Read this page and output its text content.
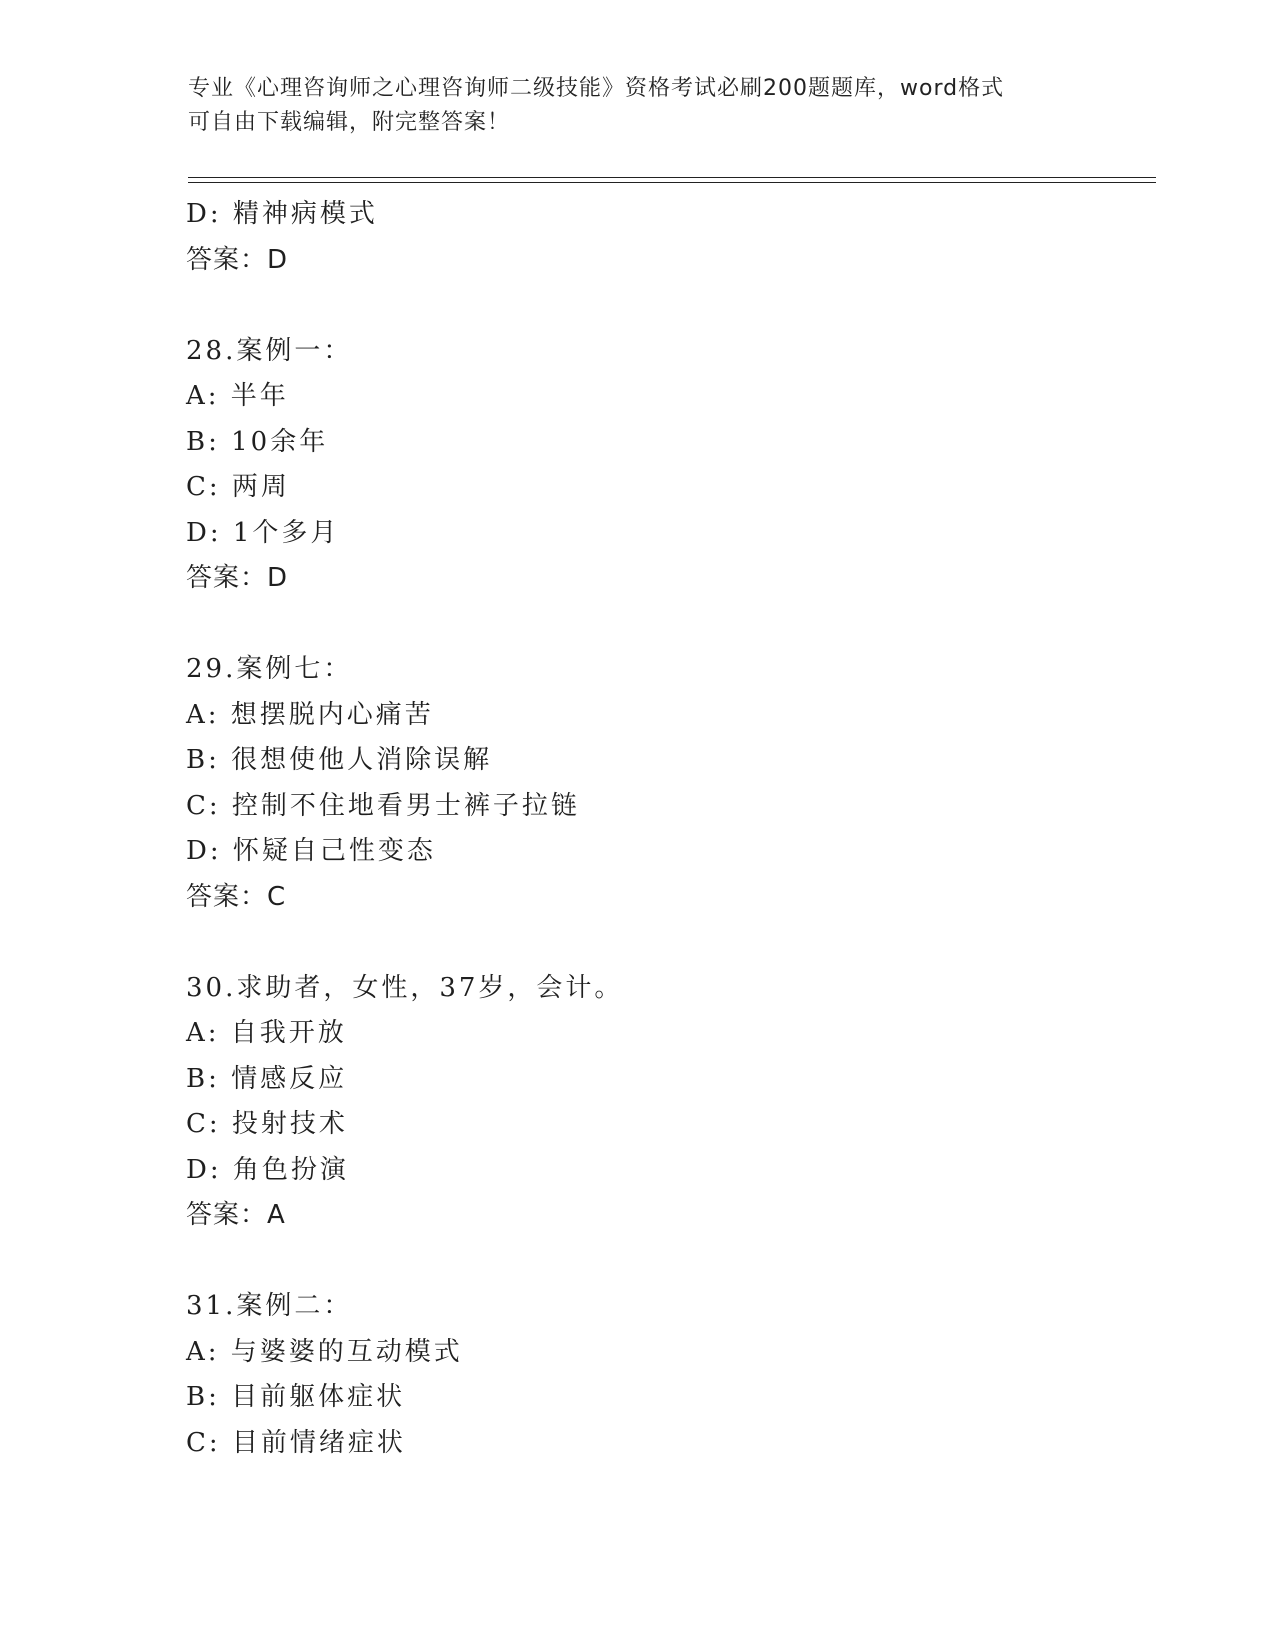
专业《心理咨询师之心理咨询师二级技能》资格考试必刷200题题库，word格式
可自由下载编辑，附完整答案！
D: 精神病模式
答案：D
28.案例一：
A: 半年
B: 10余年
C: 两周
D: 1个多月
答案：D
29.案例七：
A: 想摆脱内心痛苦
B: 很想使他人消除误解
C: 控制不住地看男士裤子拉链
D: 怀疑自己性变态
答案：C
30.求助者，女性，37岁，会计。
A: 自我开放
B: 情感反应
C: 投射技术
D: 角色扮演
答案：A
31.案例二：
A: 与婆婆的互动模式
B: 目前躯体症状
C: 目前情绪症状
